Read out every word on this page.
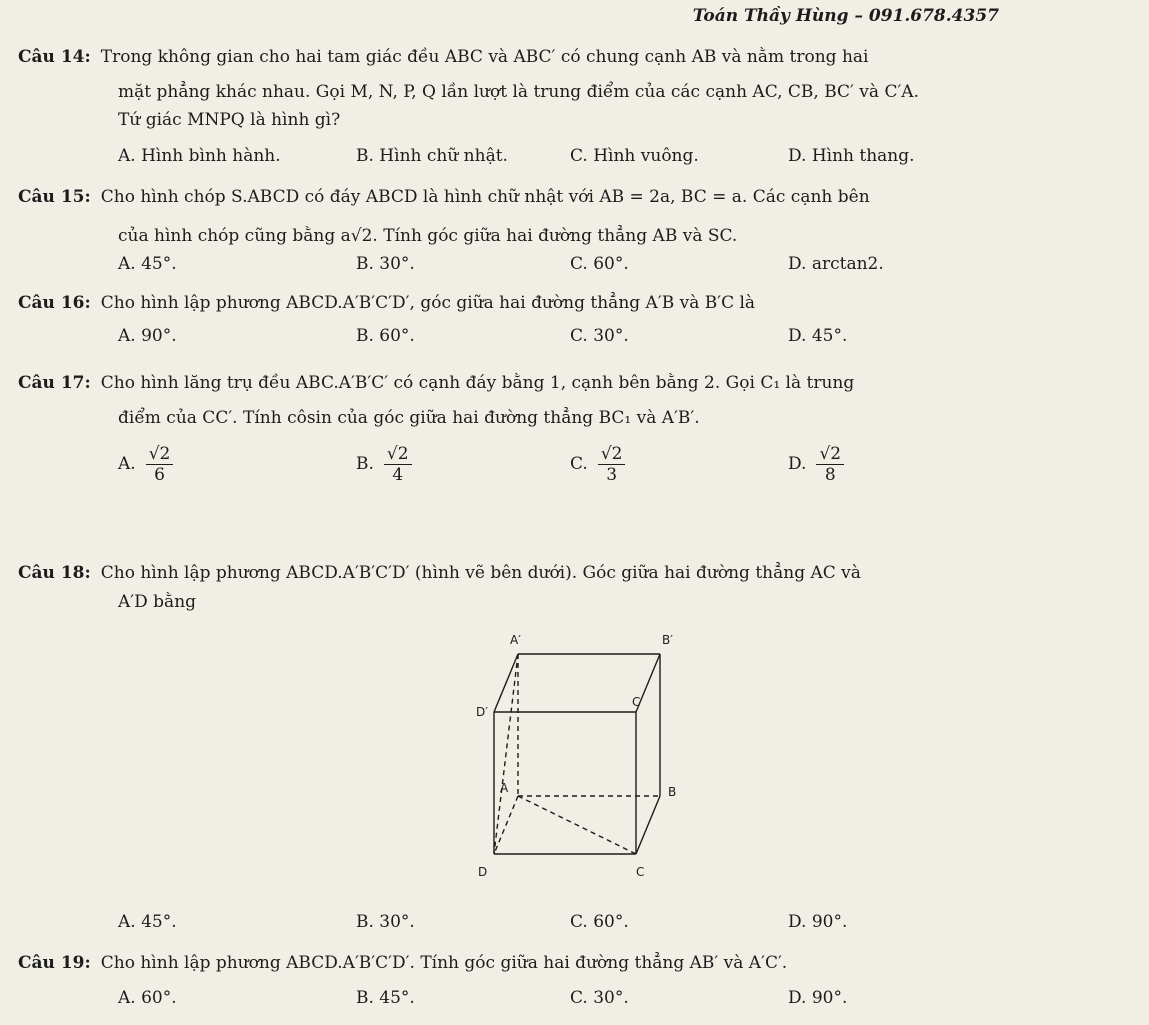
Toán Thầy Hùng – 091.678.4357
Câu 14: Trong không gian cho hai tam giác đều ABC và ABC′ có chung cạnh AB và nằm trong hai
mặt phẳng khác nhau. Gọi M, N, P, Q lần lượt là trung điểm của các cạnh AC, CB, BC′ và C′A.
Tứ giác MNPQ là hình gì?
A. Hình bình hành.	B. Hình chữ nhật.	C. Hình vuông.	D. Hình thang.
Câu 15: Cho hình chóp S.ABCD có đáy ABCD là hình chữ nhật với AB = 2a, BC = a. Các cạnh bên
của hình chóp cũng bằng a√2. Tính góc giữa hai đường thẳng AB và SC.
A. 45°.	B. 30°.	C. 60°.	D. arctan2.
Câu 16: Cho hình lập phương ABCD.A′B′C′D′, góc giữa hai đường thẳng A′B và B′C là
A. 90°.	B. 60°.	C. 30°.	D. 45°.
Câu 17: Cho hình lăng trụ đều ABC.A′B′C′ có cạnh đáy bằng 1, cạnh bên bằng 2. Gọi C₁ là trung
điểm của CC′. Tính côsin của góc giữa hai đường thẳng BC₁ và A′B′.
A. $\frac{√2}{6}$	B. $\frac{√2}{4}$	C. $\frac{√2}{3}$	D. $\frac{√2}{8}$
Câu 18: Cho hình lập phương ABCD.A′B′C′D′ (hình vẽ bên dưới). Góc giữa hai đường thẳng AC và
A′D bằng
A′	B′
D′
C′
A	B
D	C
A. 45°.	B. 30°.	C. 60°.	D. 90°.
Câu 19: Cho hình lập phương ABCD.A′B′C′D′. Tính góc giữa hai đường thẳng AB′ và A′C′.
A. 60°.	B. 45°.	C. 30°.	D. 90°.
